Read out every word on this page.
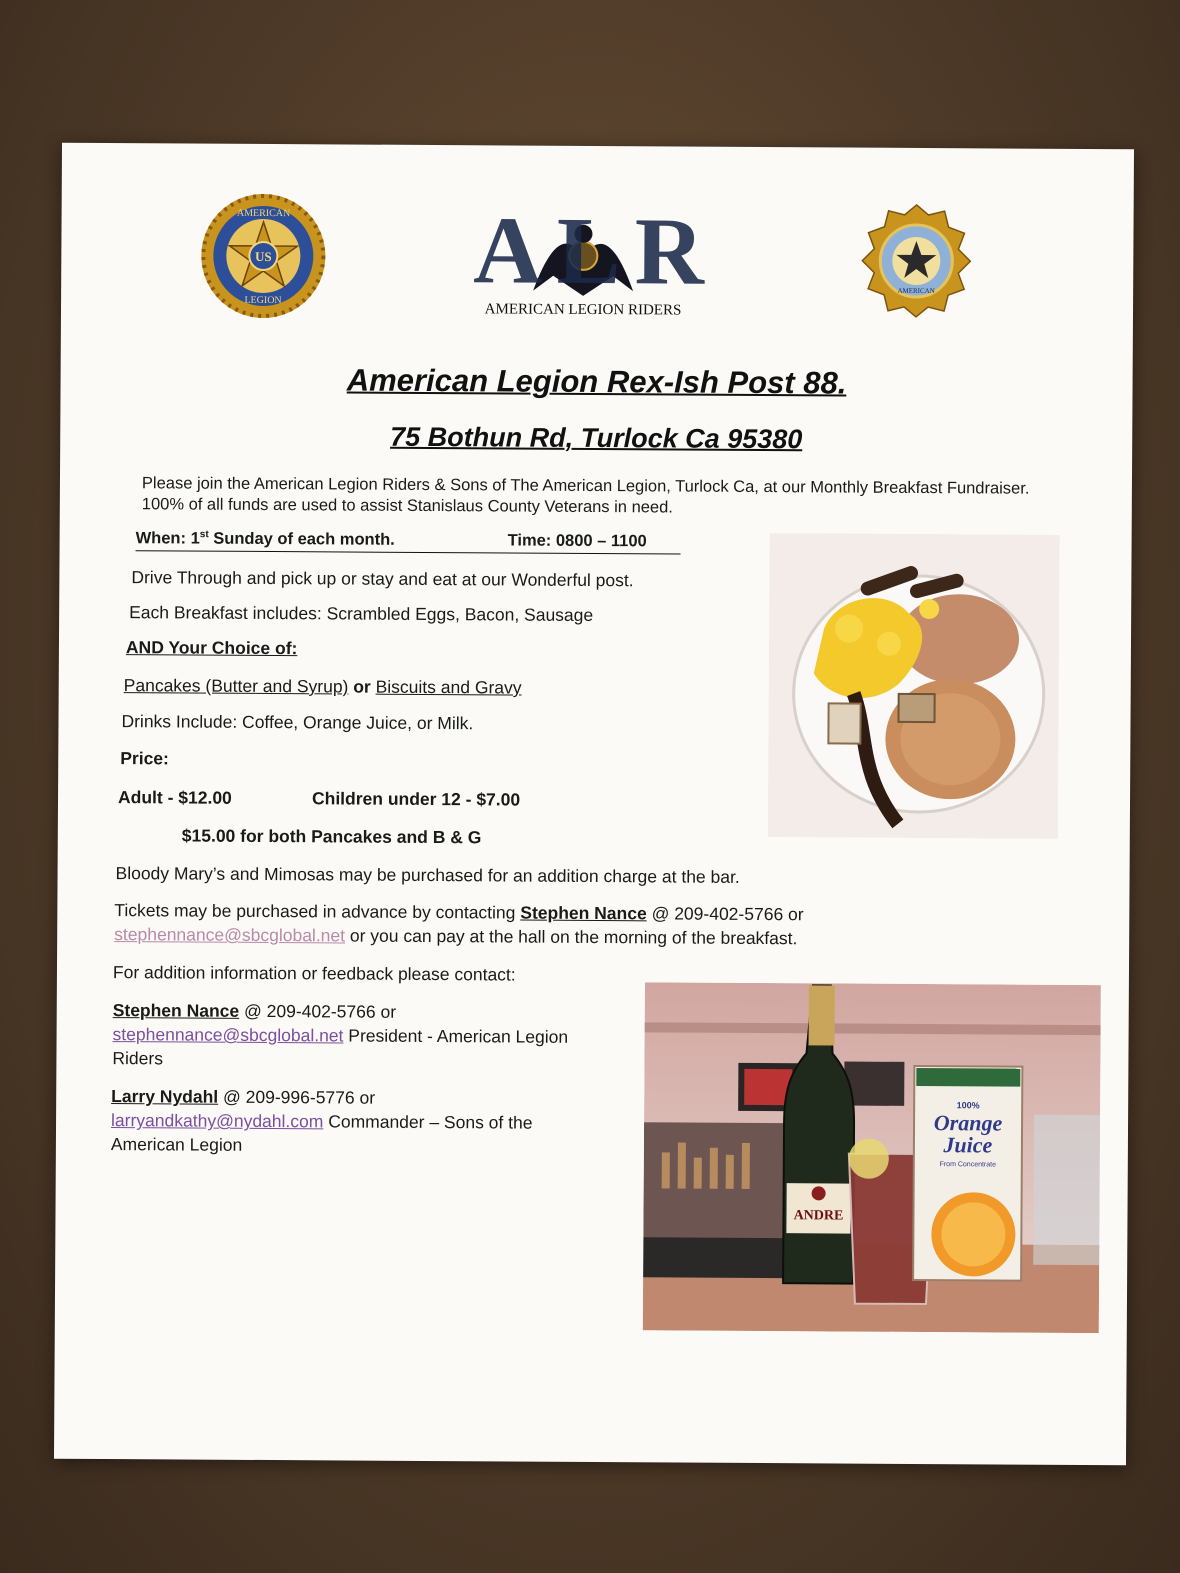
US
AMERICAN
LEGION ALR
AMERICAN LEGION RIDERS
AMERICAN
American Legion Rex-Ish Post 88.
75 Bothun Rd, Turlock Ca 95380
Please join the American Legion Riders & Sons of The American Legion, Turlock Ca, at our Monthly Breakfast Fundraiser. 100% of all funds are used to assist Stanislaus County Veterans in need.
When: 1st Sunday of each month.	Time: 0800 – 1100
Drive Through and pick up or stay and eat at our Wonderful post.
Each Breakfast includes: Scrambled Eggs, Bacon, Sausage
AND Your Choice of:
Pancakes (Butter and Syrup) or Biscuits and Gravy
Drinks Include: Coffee, Orange Juice, or Milk.
Price:
Adult - $12.00	Children under 12 - $7.00
$15.00 for both Pancakes and B & G
Bloody Mary’s and Mimosas may be purchased for an addition charge at the bar.
Tickets may be purchased in advance by contacting Stephen Nance @ 209-402-5766 or
stephennance@sbcglobal.net or you can pay at the hall on the morning of the breakfast.
For addition information or feedback please contact:
Stephen Nance @ 209-402-5766 or
stephennance@sbcglobal.net President - American Legion
Riders
Larry Nydahl @ 209-996-5776 or
larryandkathy@nydahl.com Commander – Sons of the
American Legion
ANDRE
100%
Orange
Juice
From Concentrate
